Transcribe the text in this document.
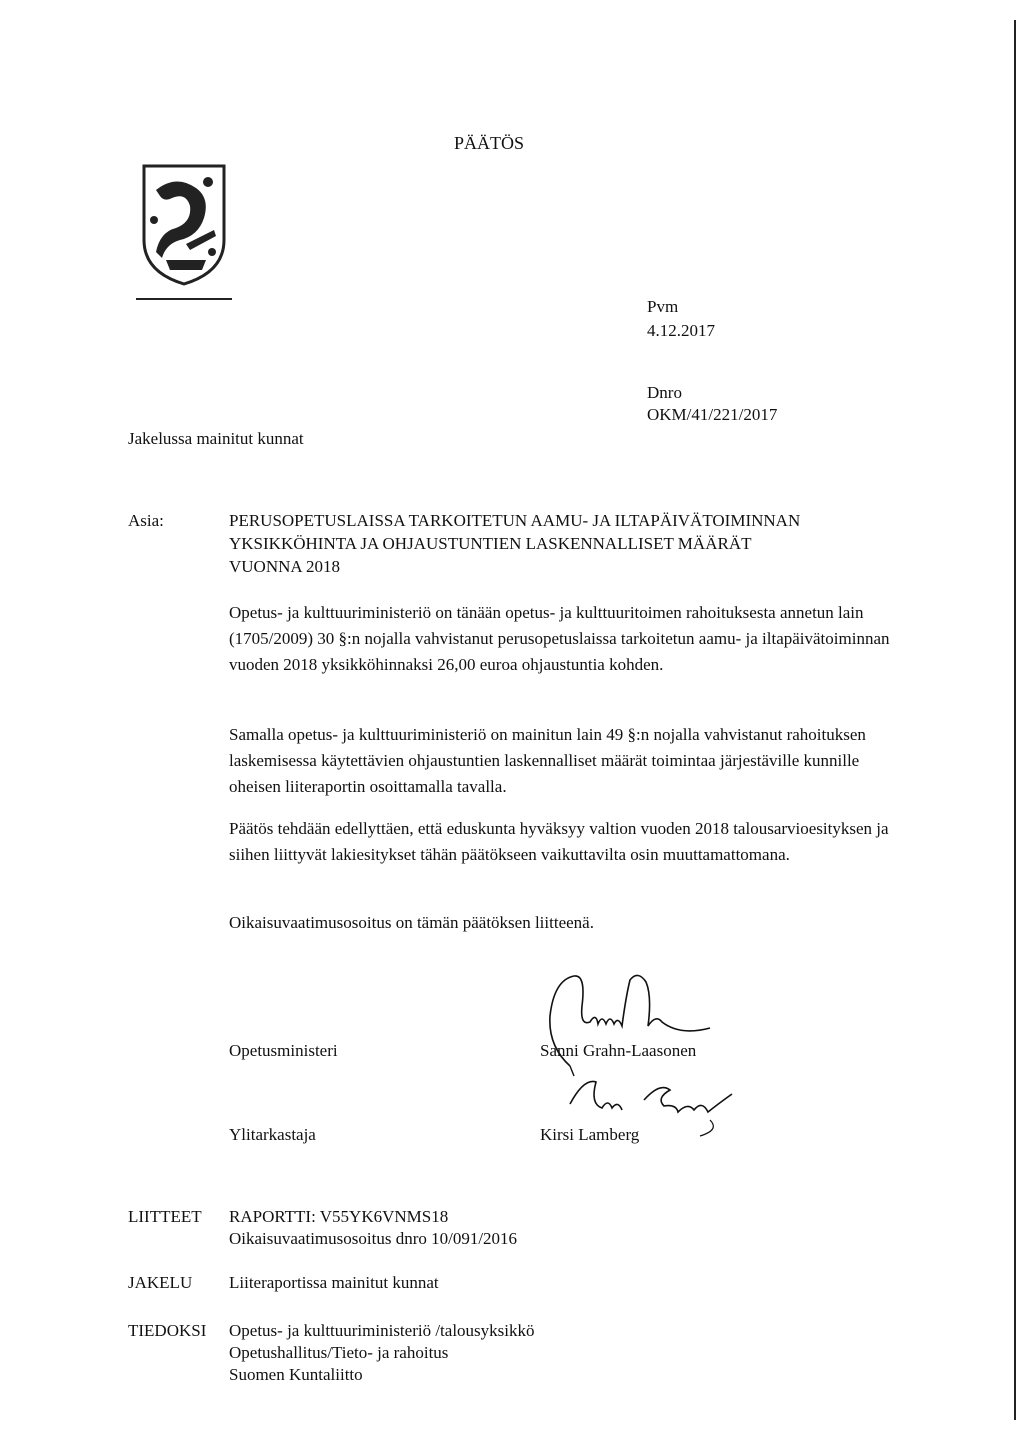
PÄÄTÖS
Pvm
4.12.2017
Dnro
OKM/41/221/2017
Jakelussa mainitut kunnat
Asia:	PERUSOPETUSLAISSA TARKOITETUN AAMU- JA ILTAPÄIVÄTOIMINNAN
YKSIKKÖHINTA JA OHJAUSTUNTIEN LASKENNALLISET MÄÄRÄT
VUONNA 2018
Opetus- ja kulttuuriministeriö on tänään opetus- ja kulttuuritoimen rahoituksesta annetun lain (1705/2009) 30 §:n nojalla vahvistanut perusopetuslaissa tarkoitetun aamu- ja iltapäivätoiminnan vuoden 2018 yksikköhinnaksi 26,00 euroa ohjaustuntia kohden.
Samalla opetus- ja kulttuuriministeriö on mainitun lain 49 §:n nojalla vahvistanut rahoituksen laskemisessa käytettävien ohjaustuntien laskennalliset määrät toimintaa järjestäville kunnille oheisen liiteraportin osoittamalla tavalla.
Päätös tehdään edellyttäen, että eduskunta hyväksyy valtion vuoden 2018 talousarvioesityksen ja siihen liittyvät lakiesitykset tähän päätökseen vaikuttavilta osin muuttamattomana.
Oikaisuvaatimusosoitus on tämän päätöksen liitteenä.
Opetusministeri	Sanni Grahn-Laasonen
Ylitarkastaja	Kirsi Lamberg
LIITTEET RAPORTTI: V55YK6VNMS18
Oikaisuvaatimusosoitus dnro 10/091/2016
JAKELU Liiteraportissa mainitut kunnat
TIEDOKSI Opetus- ja kulttuuriministeriö /talousyksikkö
Opetushallitus/Tieto- ja rahoitus
Suomen Kuntaliitto
